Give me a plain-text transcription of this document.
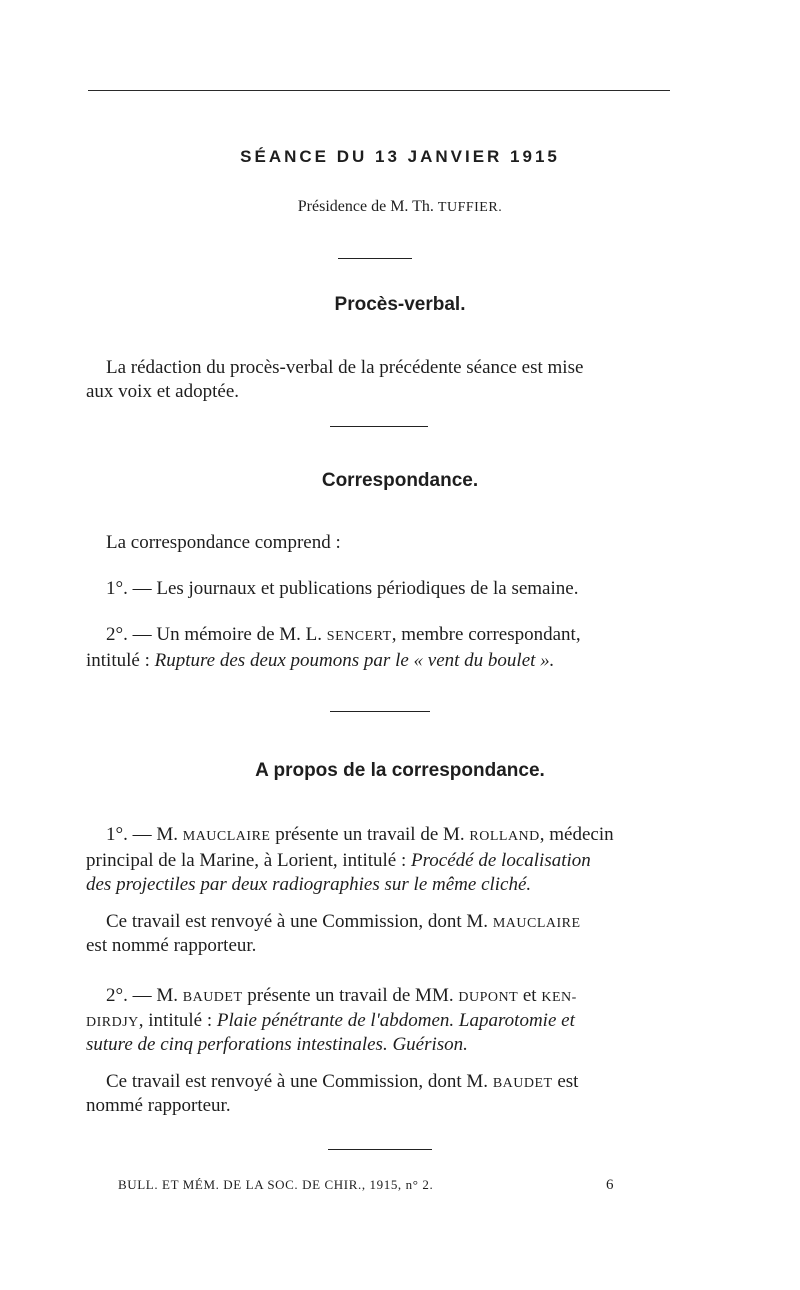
SÉANCE DU 13 JANVIER 1915
Présidence de M. Th. TUFFIER.
Procès-verbal.
La rédaction du procès-verbal de la précédente séance est mise
aux voix et adoptée.
Correspondance.
La correspondance comprend :
1°. — Les journaux et publications périodiques de la semaine.
2°. — Un mémoire de M. L. SENCERT, membre correspondant,
intitulé : Rupture des deux poumons par le « vent du boulet ».
A propos de la correspondance.
1°. — M. MAUCLAIRE présente un travail de M. ROLLAND, médecin
principal de la Marine, à Lorient, intitulé : Procédé de localisation
des projectiles par deux radiographies sur le même cliché.
Ce travail est renvoyé à une Commission, dont M. MAUCLAIRE
est nommé rapporteur.
2°. — M. BAUDET présente un travail de MM. DUPONT et KEN-
DIRDJY, intitulé : Plaie pénétrante de l'abdomen. Laparotomie et
suture de cinq perforations intestinales. Guérison.
Ce travail est renvoyé à une Commission, dont M. BAUDET est
nommé rapporteur.
BULL. ET MÉM. DE LA SOC. DE CHIR., 1915, n° 2.	6
